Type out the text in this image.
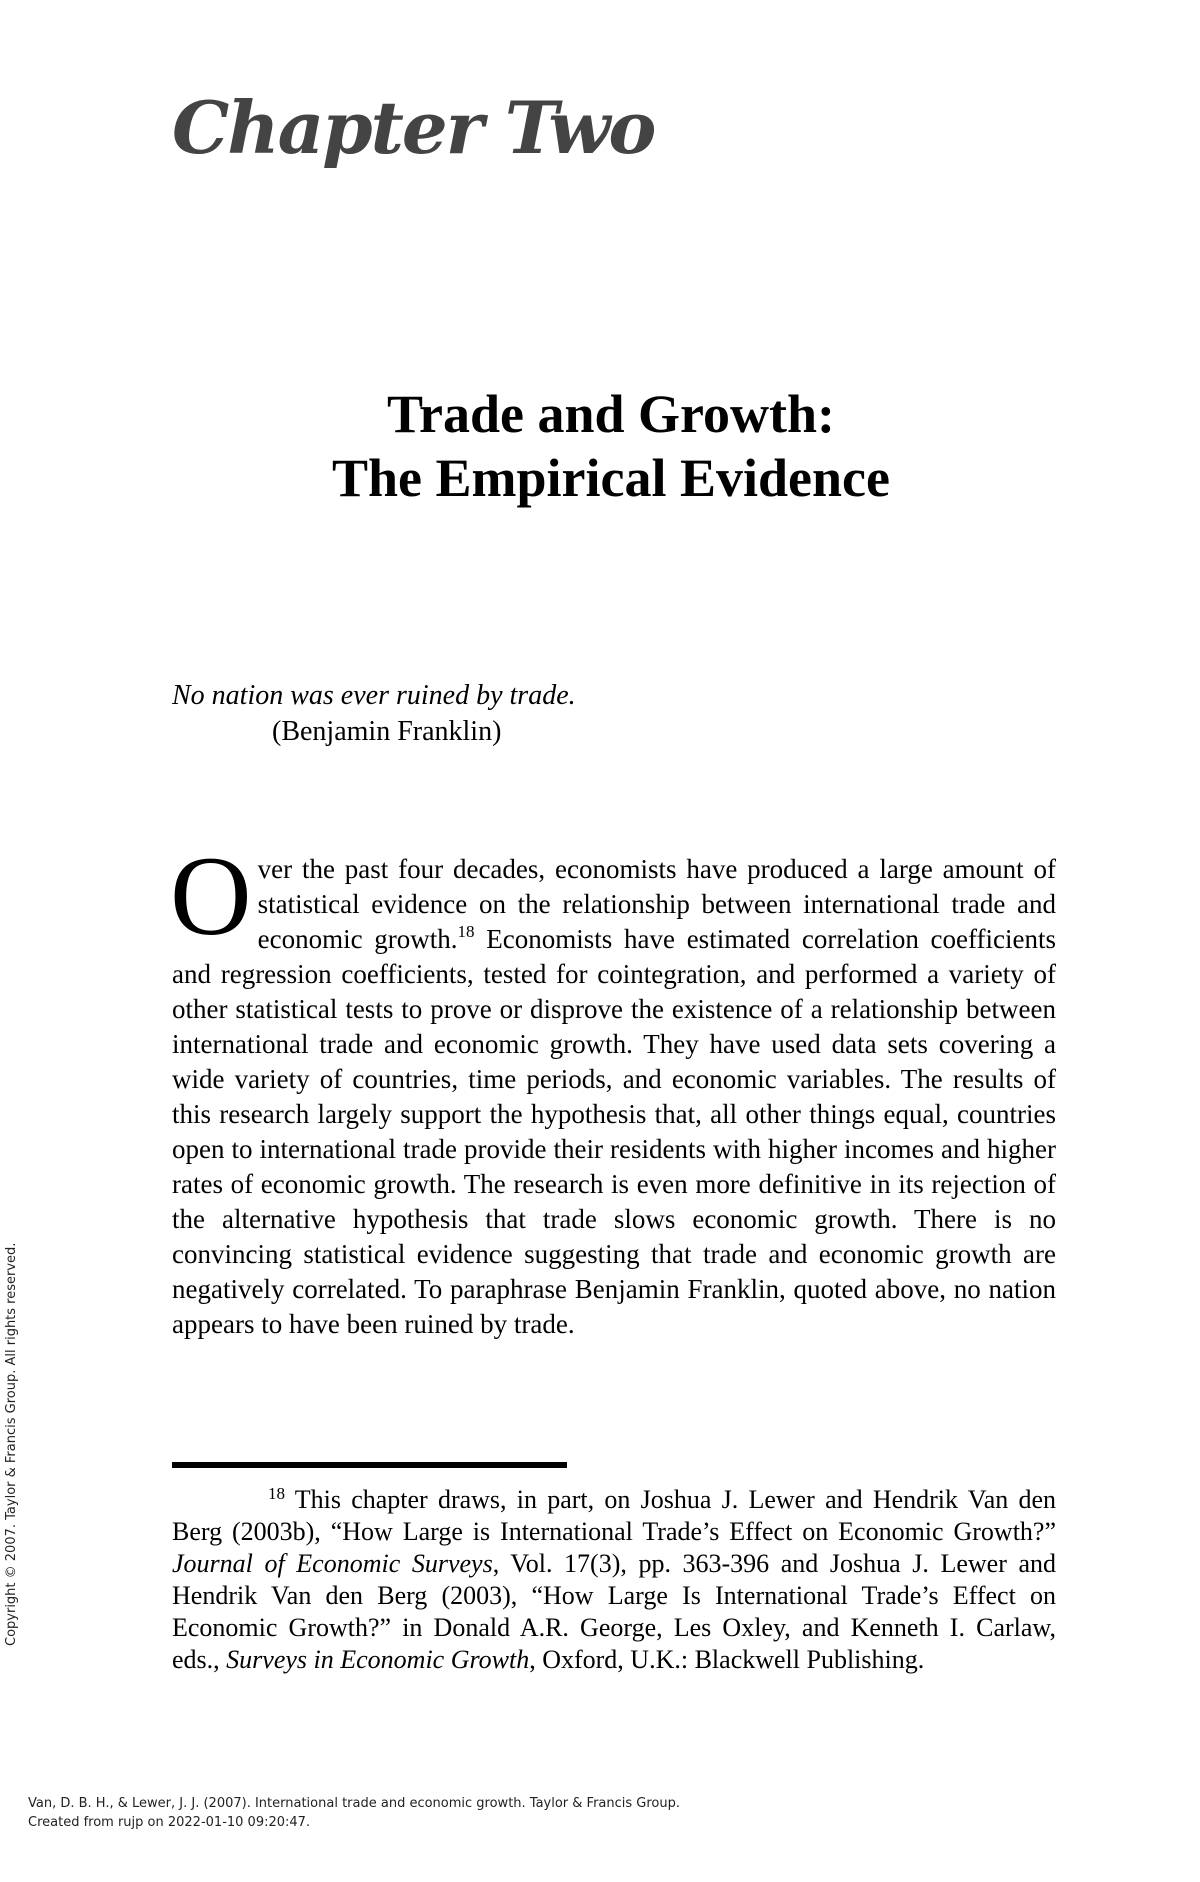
Chapter Two
Trade and Growth:
The Empirical Evidence
No nation was ever ruined by trade.
(Benjamin Franklin)

Over the past four decades, economists have produced a large amount of statistical evidence on the relationship between international trade and economic growth.$^{18}$ Economists have estimated correlation coefficients and regression coefficients, tested for cointegration, and performed a variety of other statistical tests to prove or disprove the existence of a relationship between international trade and economic growth. They have used data sets covering a wide variety of countries, time periods, and economic variables. The results of this research largely support the hypothesis that, all other things equal, countries open to international trade provide their residents with higher incomes and higher rates of economic growth. The research is even more definitive in its rejection of the alternative hypothesis that trade slows economic growth. There is no convincing statistical evidence suggesting that trade and economic growth are negatively correlated. To paraphrase Benjamin Franklin, quoted above, no nation appears to have been ruined by trade.

$^{18}$ This chapter draws, in part, on Joshua J. Lewer and Hendrik Van den Berg (2003b), “How Large is International Trade’s Effect on Economic Growth?” Journal of Economic Surveys, Vol. 17(3), pp. 363-396 and Joshua J. Lewer and Hendrik Van den Berg (2003), “How Large Is International Trade’s Effect on Economic Growth?” in Donald A.R. George, Les Oxley, and Kenneth I. Carlaw, eds., Surveys in Economic Growth, Oxford, U.K.: Blackwell Publishing.

Copyright © 2007. Taylor & Francis Group. All rights reserved.
Van, D. B. H., & Lewer, J. J. (2007). International trade and economic growth. Taylor & Francis Group.
Created from rujp on 2022-01-10 09:20:47.
